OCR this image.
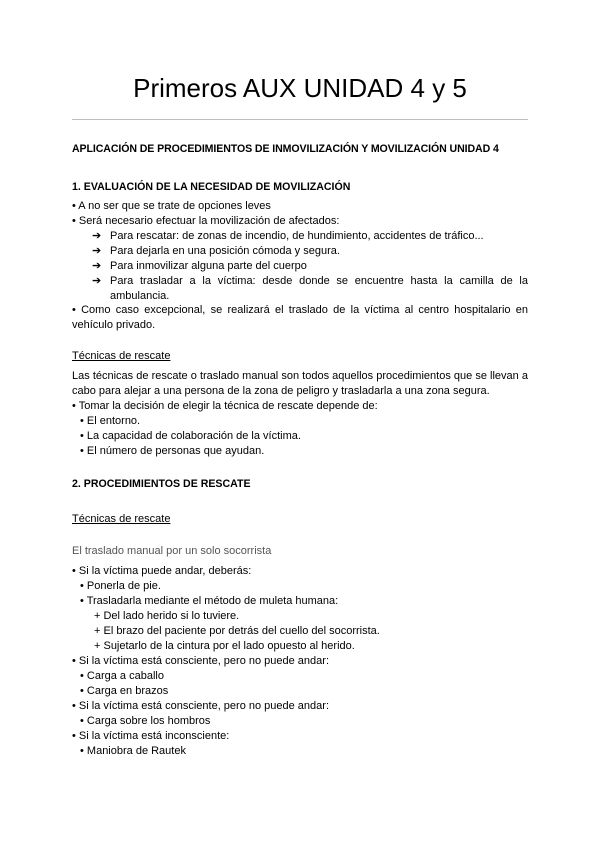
Primeros AUX UNIDAD 4 y 5

APLICACIÓN DE PROCEDIMIENTOS DE INMOVILIZACIÓN Y MOVILIZACIÓN UNIDAD 4

1. EVALUACIÓN DE LA NECESIDAD DE MOVILIZACIÓN

• A no ser que se trate de opciones leves

• Será necesario efectuar la movilización de afectados:

➔ Para rescatar: de zonas de incendio, de hundimiento, accidentes de tráfico...

➔ Para dejarla en una posición cómoda y segura.

➔ Para inmovilizar alguna parte del cuerpo

➔ Para trasladar a la víctima: desde donde se encuentre hasta la camilla de la ambulancia.

• Como caso excepcional, se realizará el traslado de la víctima al centro hospitalario en vehículo privado.

Técnicas de rescate

Las técnicas de rescate o traslado manual son todos aquellos procedimientos que se llevan a cabo para alejar a una persona de la zona de peligro y trasladarla a una zona segura.

• Tomar la decisión de elegir la técnica de rescate depende de:

• El entorno.

• La capacidad de colaboración de la víctima.

• El número de personas que ayudan.

2. PROCEDIMIENTOS DE RESCATE

Técnicas de rescate

El traslado manual por un solo socorrista

• Si la víctima puede andar, deberás:

• Ponerla de pie.

• Trasladarla mediante el método de muleta humana:

+ Del lado herido si lo tuviere.

+ El brazo del paciente por detrás del cuello del socorrista.

+ Sujetarlo de la cintura por el lado opuesto al herido.

• Si la víctima está consciente, pero no puede andar:

• Carga a caballo

• Carga en brazos

• Si la víctima está consciente, pero no puede andar:

• Carga sobre los hombros

• Si la víctima está inconsciente:

• Maniobra de Rautek
